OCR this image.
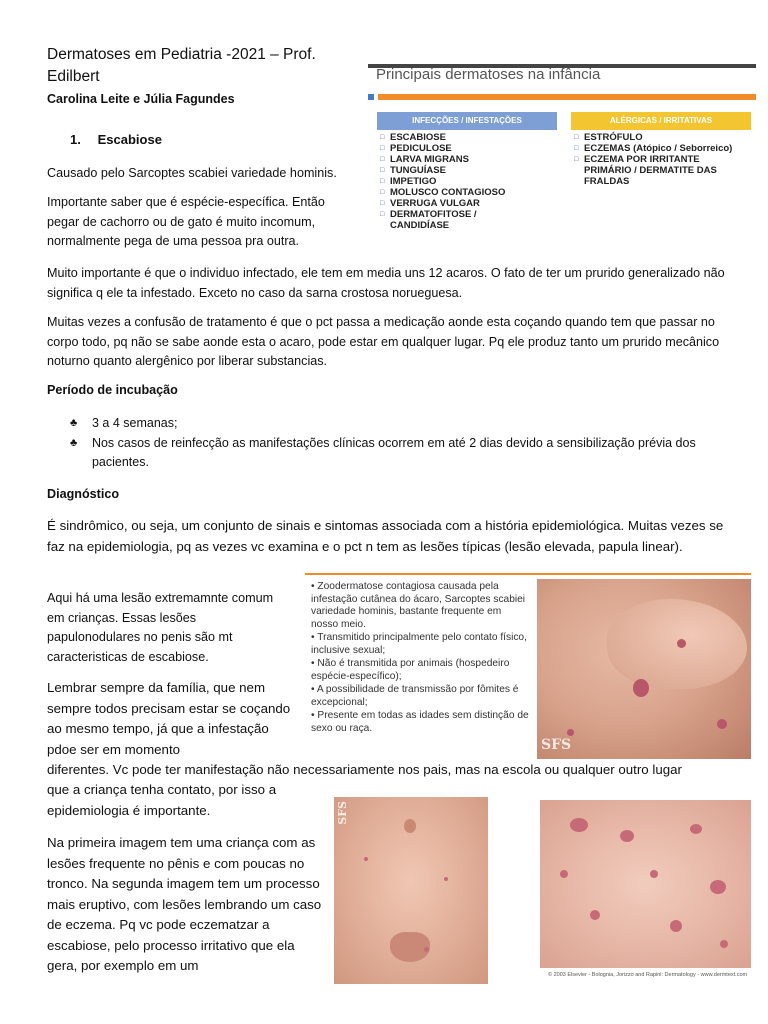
Dermatoses em Pediatria -2021 – Prof. Edilbert
Carolina Leite e Júlia Fagundes
1. Escabiose
Causado pelo Sarcoptes scabiei variedade hominis.
Importante saber que é espécie-específica. Então pegar de cachorro ou de gato é muito incomum, normalmente pega de uma pessoa pra outra.
Principais dermatoses na infância
INFECÇÕES / INFESTAÇÕES	ALÉRGICAS / IRRITATIVAS
□ ESCABIOSE
□ PEDICULOSE
□ LARVA MIGRANS
□ TUNGUÍASE
□ IMPETIGO
□ MOLUSCO CONTAGIOSO
□ VERRUGA VULGAR
□ DERMATOFITOSE / CANDIDÍASE
□ ESTRÓFULO
□ ECZEMAS (Atópico / Seborreico)
□ ECZEMA POR IRRITANTE PRIMÁRIO / DERMATITE DAS FRALDAS
Muito importante é que o individuo infectado, ele tem em media uns 12 acaros. O fato de ter um prurido generalizado não significa q ele ta infestado. Exceto no caso da sarna crostosa norueguesa.
Muitas vezes a confusão de tratamento é que o pct passa a medicação aonde esta coçando quando tem que passar no corpo todo, pq não se sabe aonde esta o acaro, pode estar em qualquer lugar. Pq ele produz tanto um prurido mecânico noturno quanto alergênico por liberar substancias.
Período de incubação
♣	3 a 4 semanas;
♣	Nos casos de reinfecção as manifestações clínicas ocorrem em até 2 dias devido a sensibilização prévia dos pacientes.
Diagnóstico
É sindrômico, ou seja, um conjunto de sinais e sintomas associada com a história epidemiológica. Muitas vezes se faz na epidemiologia, pq as vezes vc examina e o pct n tem as lesões típicas (lesão elevada, papula linear).
Aqui há uma lesão extremamnte comum em crianças. Essas lesões papulonodulares no penis são mt caracteristicas de escabiose.
Lembrar sempre da família, que nem sempre todos precisam estar se coçando ao mesmo tempo, já que a infestação pdoe ser em momento
diferentes. Vc pode ter manifestação não necessariamente nos pais, mas na escola ou qualquer outro lugar
que a criança tenha contato, por isso a epidemiologia é importante.
Na primeira imagem tem uma criança com as lesões frequente no pênis e com poucas no tronco. Na segunda imagem tem um processo mais eruptivo, com lesões lembrando um caso de eczema. Pq vc pode eczematzar a escabiose, pelo processo irritativo que ela gera, por exemplo em um
• Zoodermatose contagiosa causada pela infestação cutânea do ácaro, Sarcoptes scabiei variedade hominis, bastante frequente em nosso meio.
• Transmitido principalmente pelo contato físico, inclusive sexual;
• Não é transmitida por animais (hospedeiro espécie-específico);
• A possibilidade de transmissão por fômites é excepcional;
• Presente em todas as idades sem distinção de sexo ou raça.
SFS
SFS
© 2003 Elsevier - Bolognia, Jorizzo and Rapini: Dermatology - www.dermtext.com
